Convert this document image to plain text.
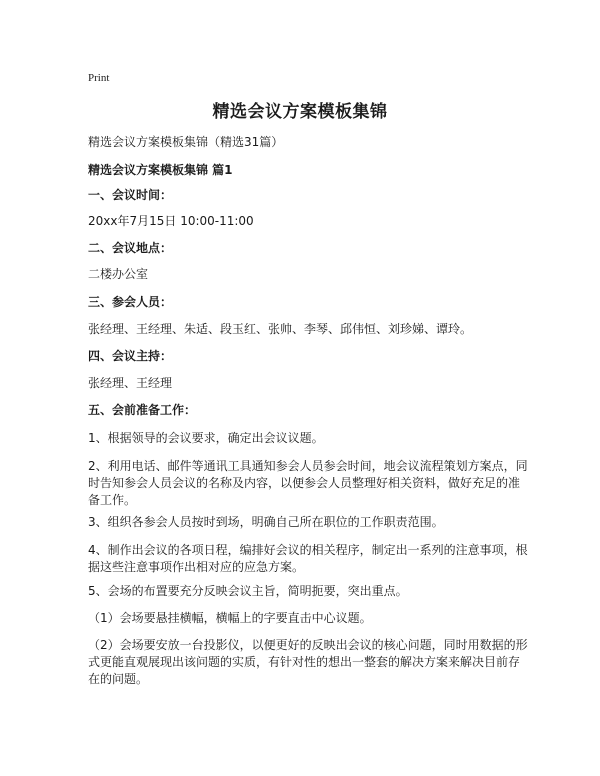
Print
精选会议方案模板集锦

精选会议方案模板集锦（精选31篇）

精选会议方案模板集锦 篇1

一、会议时间：

20xx年7月15日 10:00-11:00

二、会议地点：

二楼办公室

三、参会人员：

张经理、王经理、朱适、段玉红、张帅、李琴、邱伟恒、刘珍娣、谭玲。

四、会议主持：

张经理、王经理

五、会前准备工作：

1、根据领导的会议要求，确定出会议议题。

2、利用电话、邮件等通讯工具通知参会人员参会时间，地会议流程策划方案点，同时告知参会人员会议的名称及内容，以便参会人员整理好相关资料，做好充足的准备工作。

3、组织各参会人员按时到场，明确自己所在职位的工作职责范围。

4、制作出会议的各项日程，编排好会议的相关程序，制定出一系列的注意事项，根据这些注意事项作出相对应的应急方案。

5、会场的布置要充分反映会议主旨，简明扼要，突出重点。

（1）会场要悬挂横幅，横幅上的字要直击中心议题。

（2）会场要安放一台投影仪，以便更好的反映出会议的核心问题，同时用数据的形式更能直观展现出该问题的实质，有针对性的想出一整套的解决方案来解决目前存在的问题。
